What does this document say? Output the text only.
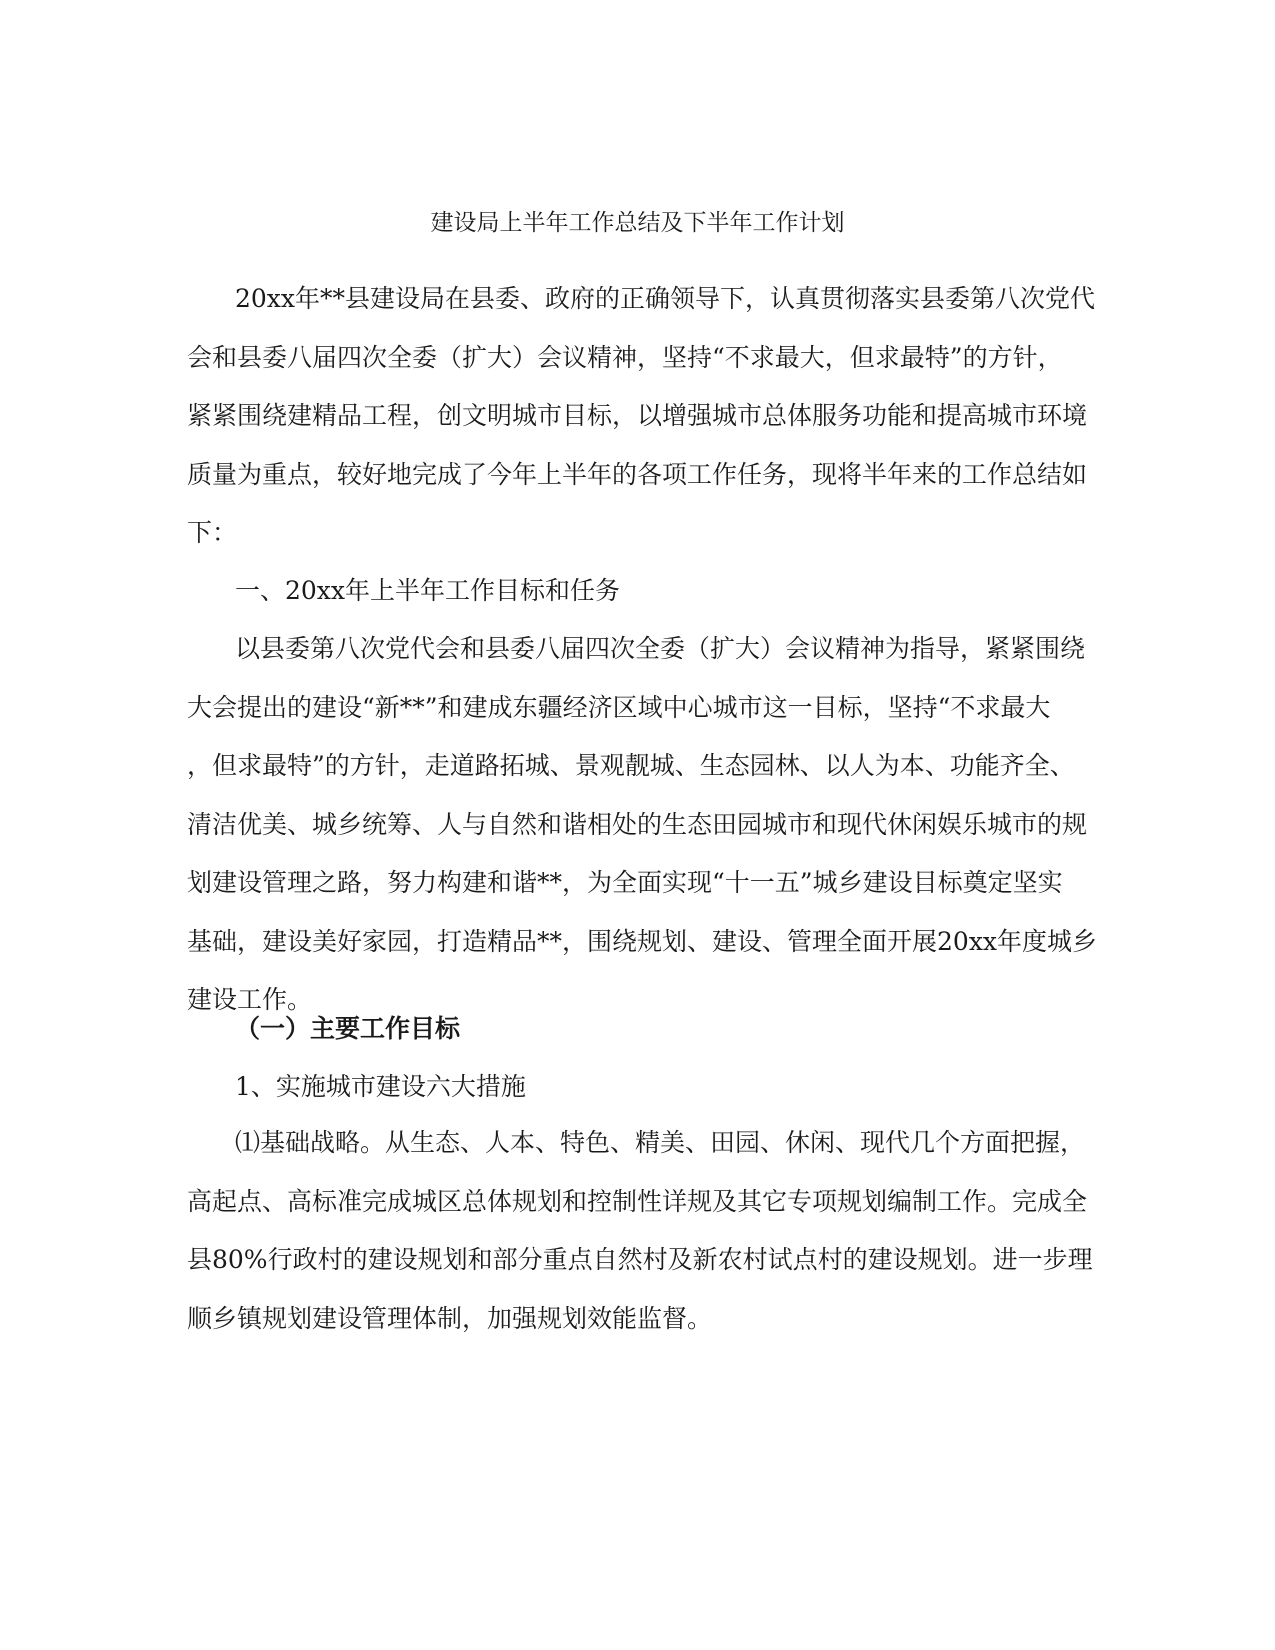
建设局上半年工作总结及下半年工作计划
20xx年**县建设局在县委、政府的正确领导下，认真贯彻落实县委第八次党代
会和县委八届四次全委（扩大）会议精神，坚持“不求最大，但求最特”的方针，
紧紧围绕建精品工程，创文明城市目标，以增强城市总体服务功能和提高城市环境
质量为重点，较好地完成了今年上半年的各项工作任务，现将半年来的工作总结如
下：
一、20xx年上半年工作目标和任务
以县委第八次党代会和县委八届四次全委（扩大）会议精神为指导，紧紧围绕
大会提出的建设“新**”和建成东疆经济区域中心城市这一目标，坚持“不求最大
，但求最特”的方针，走道路拓城、景观靓城、生态园林、以人为本、功能齐全、
清洁优美、城乡统筹、人与自然和谐相处的生态田园城市和现代休闲娱乐城市的规
划建设管理之路，努力构建和谐**，为全面实现“十一五”城乡建设目标奠定坚实
基础，建设美好家园，打造精品**，围绕规划、建设、管理全面开展20xx年度城乡
建设工作。
（一）主要工作目标
1、实施城市建设六大措施
⑴基础战略。从生态、人本、特色、精美、田园、休闲、现代几个方面把握，
高起点、高标准完成城区总体规划和控制性详规及其它专项规划编制工作。完成全
县80%行政村的建设规划和部分重点自然村及新农村试点村的建设规划。进一步理
顺乡镇规划建设管理体制，加强规划效能监督。
